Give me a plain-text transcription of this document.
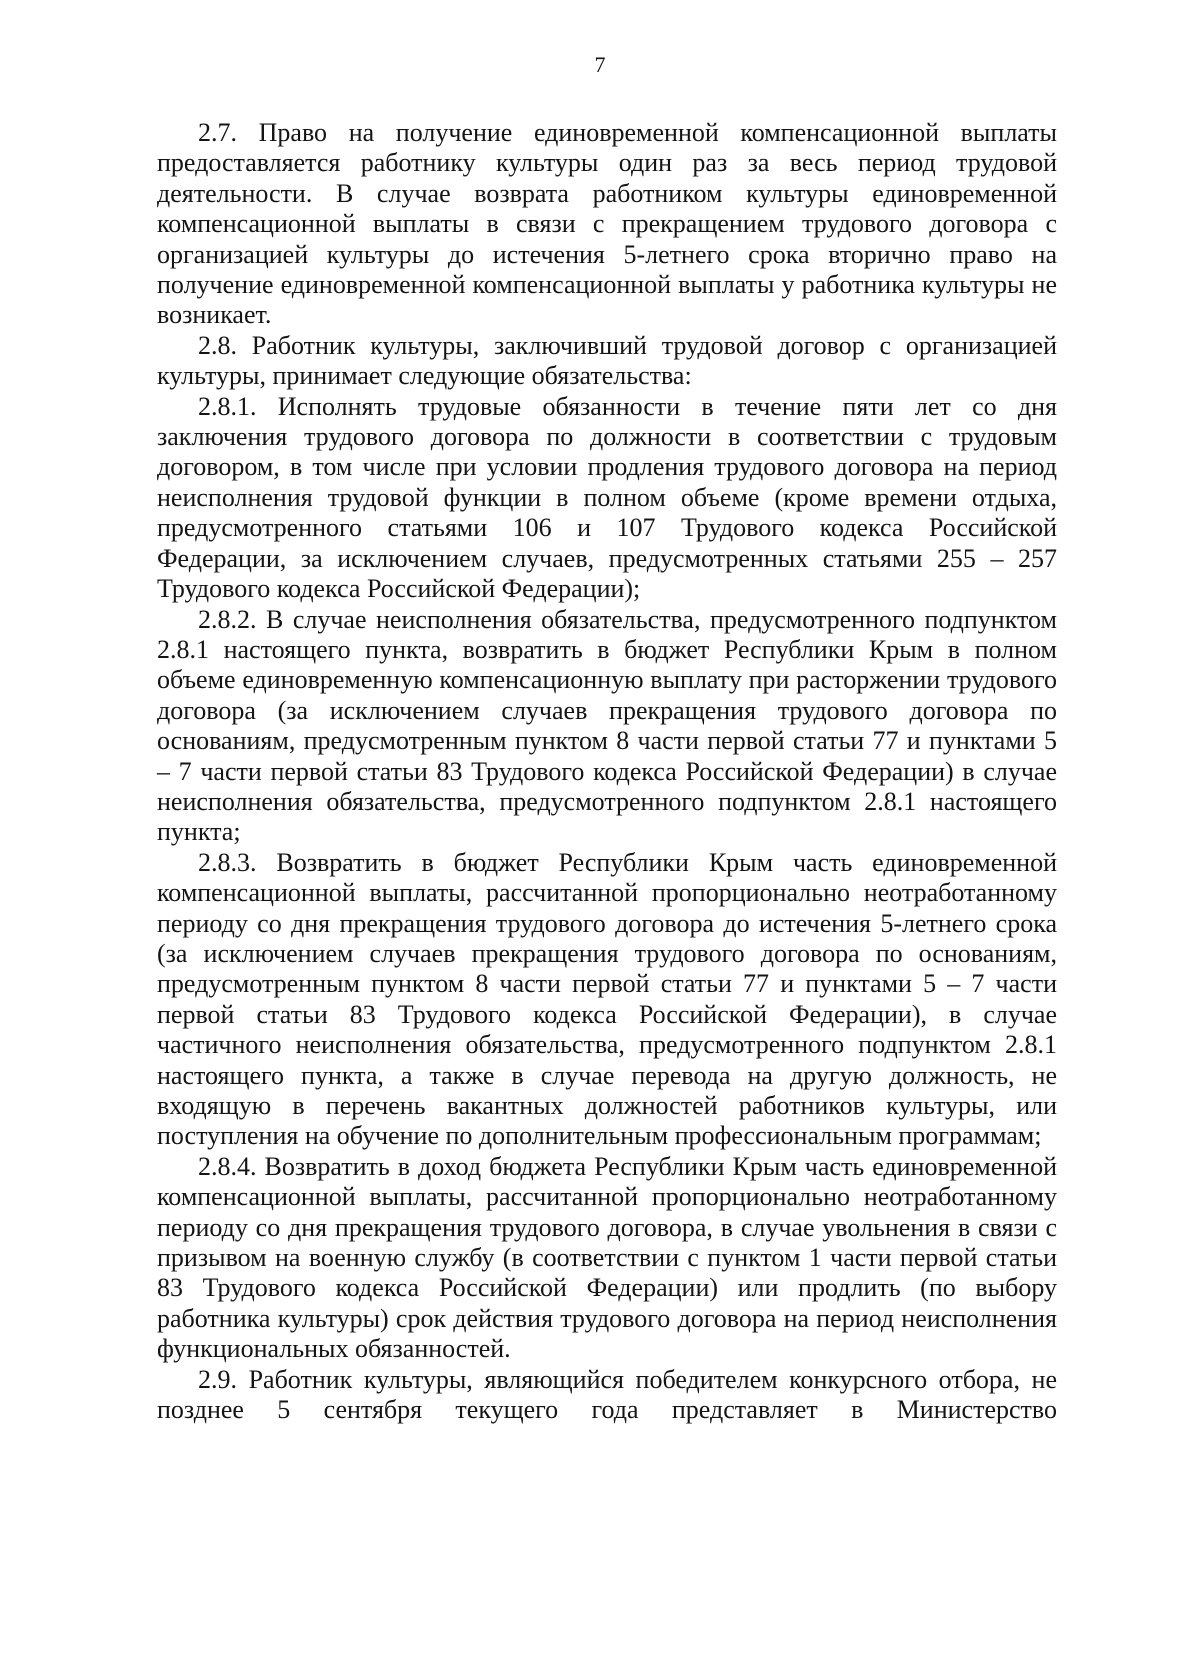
7

2.7. Право на получение единовременной компенсационной выплаты предоставляется работнику культуры один раз за весь период трудовой деятельности. В случае возврата работником культуры единовременной компенсационной выплаты в связи с прекращением трудового договора с организацией культуры до истечения 5-летнего срока вторично право на получение единовременной компенсационной выплаты у работника культуры не возникает.

2.8. Работник культуры, заключивший трудовой договор с организацией культуры, принимает следующие обязательства:

2.8.1. Исполнять трудовые обязанности в течение пяти лет со дня заключения трудового договора по должности в соответствии с трудовым договором, в том числе при условии продления трудового договора на период неисполнения трудовой функции в полном объеме (кроме времени отдыха, предусмотренного статьями 106 и 107 Трудового кодекса Российской Федерации, за исключением случаев, предусмотренных статьями 255 – 257 Трудового кодекса Российской Федерации);

2.8.2. В случае неисполнения обязательства, предусмотренного подпунктом 2.8.1 настоящего пункта, возвратить в бюджет Республики Крым в полном объеме единовременную компенсационную выплату при расторжении трудового договора (за исключением случаев прекращения трудового договора по основаниям, предусмотренным пунктом 8 части первой статьи 77 и пунктами 5 – 7 части первой статьи 83 Трудового кодекса Российской Федерации) в случае неисполнения обязательства, предусмотренного подпунктом 2.8.1 настоящего пункта;

2.8.3. Возвратить в бюджет Республики Крым часть единовременной компенсационной выплаты, рассчитанной пропорционально неотработанному периоду со дня прекращения трудового договора до истечения 5-летнего срока (за исключением случаев прекращения трудового договора по основаниям, предусмотренным пунктом 8 части первой статьи 77 и пунктами 5 – 7 части первой статьи 83 Трудового кодекса Российской Федерации), в случае частичного неисполнения обязательства, предусмотренного подпунктом 2.8.1 настоящего пункта, а также в случае перевода на другую должность, не входящую в перечень вакантных должностей работников культуры, или поступления на обучение по дополнительным профессиональным программам;

2.8.4. Возвратить в доход бюджета Республики Крым часть единовременной компенсационной выплаты, рассчитанной пропорционально неотработанному периоду со дня прекращения трудового договора, в случае увольнения в связи с призывом на военную службу (в соответствии с пунктом 1 части первой статьи 83 Трудового кодекса Российской Федерации) или продлить (по выбору работника культуры) срок действия трудового договора на период неисполнения функциональных обязанностей.

2.9. Работник культуры, являющийся победителем конкурсного отбора, не позднее 5 сентября текущего года представляет в Министерство
